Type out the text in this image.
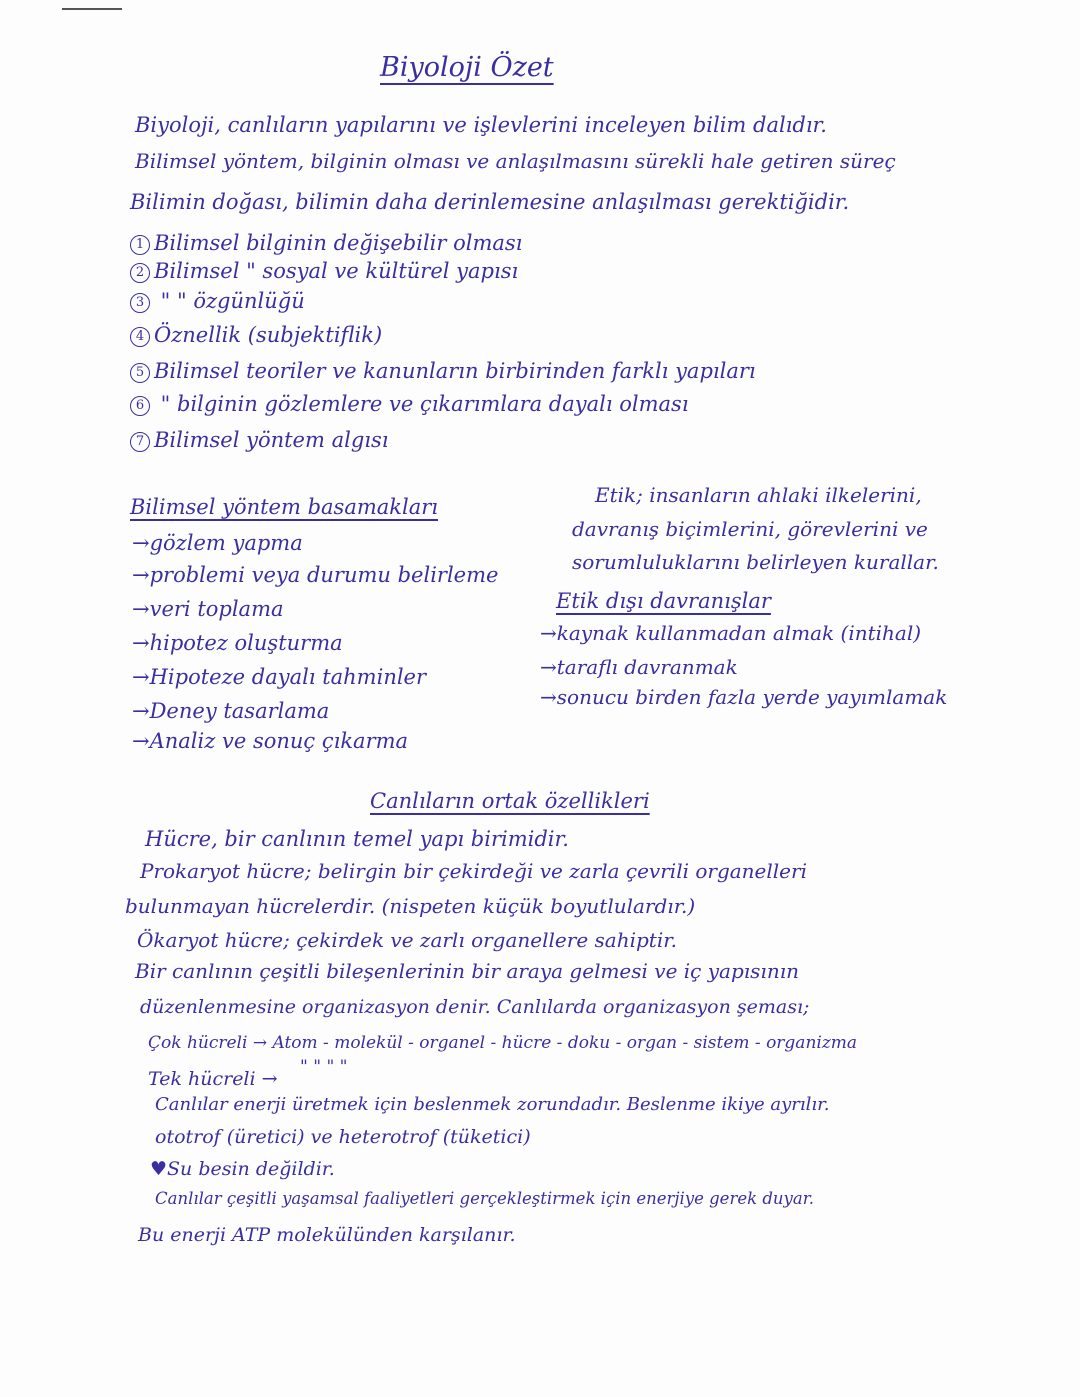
Biyoloji Özet
Biyoloji, canlıların yapılarını ve işlevlerini inceleyen bilim dalıdır.
Bilimsel yöntem, bilginin olması ve anlaşılmasını sürekli hale getiren süreç
Bilimin doğası, bilimin daha derinlemesine anlaşılması gerektiğidir.
1 Bilimsel bilginin değişebilir olması
2 Bilimsel " sosyal ve kültürel yapısı
3 " " özgünlüğü
4 Öznellik (subjektiflik)
5 Bilimsel teoriler ve kanunların birbirinden farklı yapıları
6 " bilginin gözlemlere ve çıkarımlara dayalı olması
7 Bilimsel yöntem algısı
Bilimsel yöntem basamakları
→gözlem yapma
→problemi veya durumu belirleme
→veri toplama
→hipotez oluşturma
→Hipoteze dayalı tahminler
→Deney tasarlama
→Analiz ve sonuç çıkarma
Etik; insanların ahlaki ilkelerini,
davranış biçimlerini, görevlerini ve
sorumluluklarını belirleyen kurallar.
Etik dışı davranışlar
→kaynak kullanmadan almak (intihal)
→taraflı davranmak
→sonucu birden fazla yerde yayımlamak
Canlıların ortak özellikleri
Hücre, bir canlının temel yapı birimidir.
Prokaryot hücre; belirgin bir çekirdeği ve zarla çevrili organelleri
bulunmayan hücrelerdir. (nispeten küçük boyutlulardır.)
Ökaryot hücre; çekirdek ve zarlı organellere sahiptir.
Bir canlının çeşitli bileşenlerinin bir araya gelmesi ve iç yapısının
düzenlenmesine organizasyon denir. Canlılarda organizasyon şeması;
Çok hücreli → Atom - molekül - organel - hücre - doku - organ - sistem - organizma
" " " "
Tek hücreli →
Canlılar enerji üretmek için beslenmek zorundadır. Beslenme ikiye ayrılır.
ototrof (üretici) ve heterotrof (tüketici)
♥Su besin değildir.
Canlılar çeşitli yaşamsal faaliyetleri gerçekleştirmek için enerjiye gerek duyar.
Bu enerji ATP molekülünden karşılanır.
